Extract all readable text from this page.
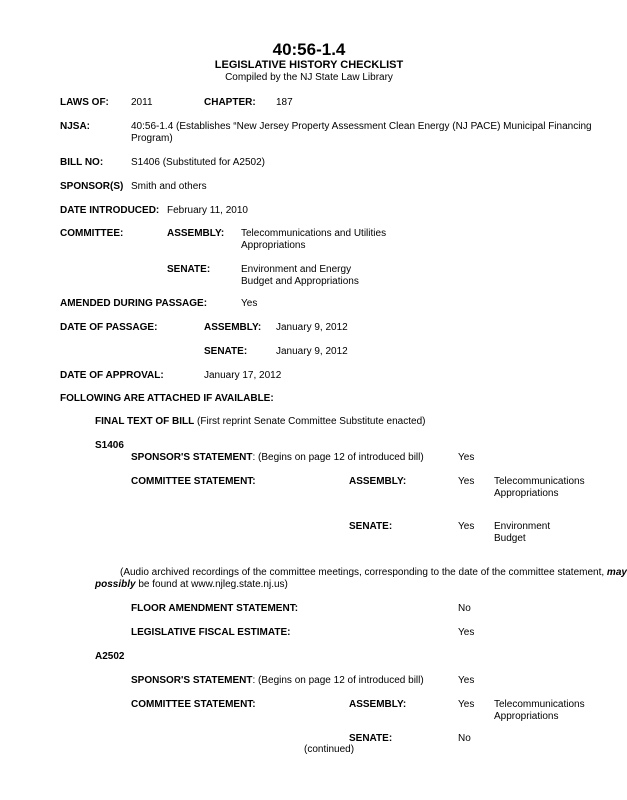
40:56-1.4
LEGISLATIVE HISTORY CHECKLIST
Compiled by the NJ State Law Library
LAWS OF: 2011	CHAPTER: 187
NJSA:	40:56-1.4 (Establishes “New Jersey Property Assessment Clean Energy (NJ PACE) Municipal Financing Program)
BILL NO:	S1406 (Substituted for A2502)
SPONSOR(S) Smith and others
DATE INTRODUCED: February 11, 2010
COMMITTEE:	ASSEMBLY: Telecommunications and Utilities
Appropriations
SENATE:	Environment and Energy
Budget and Appropriations
AMENDED DURING PASSAGE:	Yes
DATE OF PASSAGE:	ASSEMBLY: January 9, 2012
SENATE:	January 9, 2012
DATE OF APPROVAL:	January 17, 2012
FOLLOWING ARE ATTACHED IF AVAILABLE:
FINAL TEXT OF BILL (First reprint Senate Committee Substitute enacted)
S1406
SPONSOR'S STATEMENT: (Begins on page 12 of introduced bill)	Yes
COMMITTEE STATEMENT:	ASSEMBLY:	Yes Telecommunications
Appropriations
SENATE:	Yes Environment
Budget
(Audio archived recordings of the committee meetings, corresponding to the date of the committee statement, may
possibly be found at www.njleg.state.nj.us)
FLOOR AMENDMENT STATEMENT:	No
LEGISLATIVE FISCAL ESTIMATE:	Yes
A2502
SPONSOR'S STATEMENT: (Begins on page 12 of introduced bill)	Yes
COMMITTEE STATEMENT:	ASSEMBLY:	Yes Telecommunications
Appropriations
SENATE:	No
(continued)
